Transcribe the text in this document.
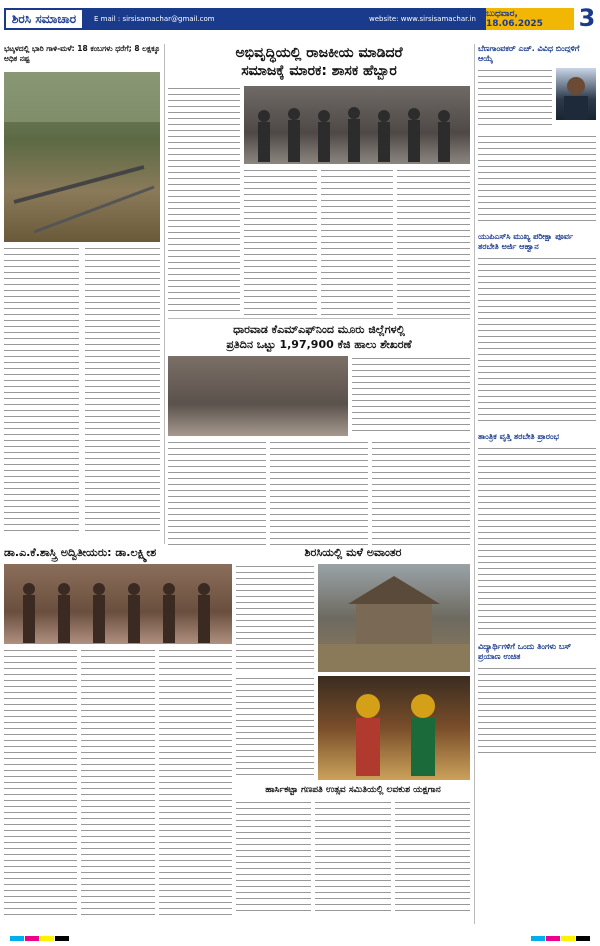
ಶಿರಸಿ ಸಮಾಚಾರ	E mail : sirsisamachar@gmail.com	website: www.sirsisamachar.in ಬುಧವಾರ, 18.06.2025	3
ಭಟ್ಕಳದಲ್ಲಿ ಭಾರಿ ಗಾಳಿ-ಮಳೆ: 18 ಕಂಬಗಳು ಧರೆಗೆ; 8 ಲಕ್ಷಕ್ಕೂ ಅಧಿಕ ನಷ್ಟ	ಅಭಿವೃದ್ಧಿಯಲ್ಲಿ ರಾಜಕೀಯ ಮಾಡಿದರೆ
ಸಮಾಜಕ್ಕೆ ಮಾರಕ: ಶಾಸಕ ಹೆಬ್ಬಾರ
ಧಾರವಾಡ ಕೆಎಮ್‌ಎಫ್‌ನಿಂದ ಮೂರು ಜಿಲ್ಲೆಗಳಲ್ಲಿ
ಪ್ರತಿದಿನ ಒಟ್ಟು 1,97,900 ಕೆಜಿ ಹಾಲು ಶೇಖರಣೆ
ಡಾ.ಎ.ಕೆ.ಶಾಸ್ತ್ರಿ ಅದ್ವಿತೀಯರು: ಡಾ.ಲಕ್ಷ್ಮೀಶ	ಶಿರಸಿಯಲ್ಲಿ ಮಳೆ ಅವಾಂತರ
ಹಾರ್ಸಿಕಟ್ಟಾ ಗಣಪತಿ ಉತ್ಸವ ಸಮಿತಿಯಲ್ಲಿ ಲವಕುಶ ಯಕ್ಷಗಾನ
ಬೆಣಗಾಂವಕರ್ ಎಚ್. ವಿವಿಧ ಬಿಂದ್ಗಳಿಗೆ ಆಯ್ಕೆ
ಯುಪಿಎಸ್‌ಸಿ ಮುಖ್ಯ ಪರೀಕ್ಷಾ ಪೂರ್ವ ತರಬೇತಿ ಅರ್ಜಿ ಆಹ್ವಾನ
ತಾಂತ್ರಿಕ ವೃತ್ತಿ ತರಬೇತಿ ಪ್ರಾರಂಭ
ವಿದ್ಯಾರ್ಥಿಗಳಿಗೆ ಒಂದು ತಿಂಗಳು ಬಸ್ ಪ್ರಯಾಣ ಉಚಿತ
